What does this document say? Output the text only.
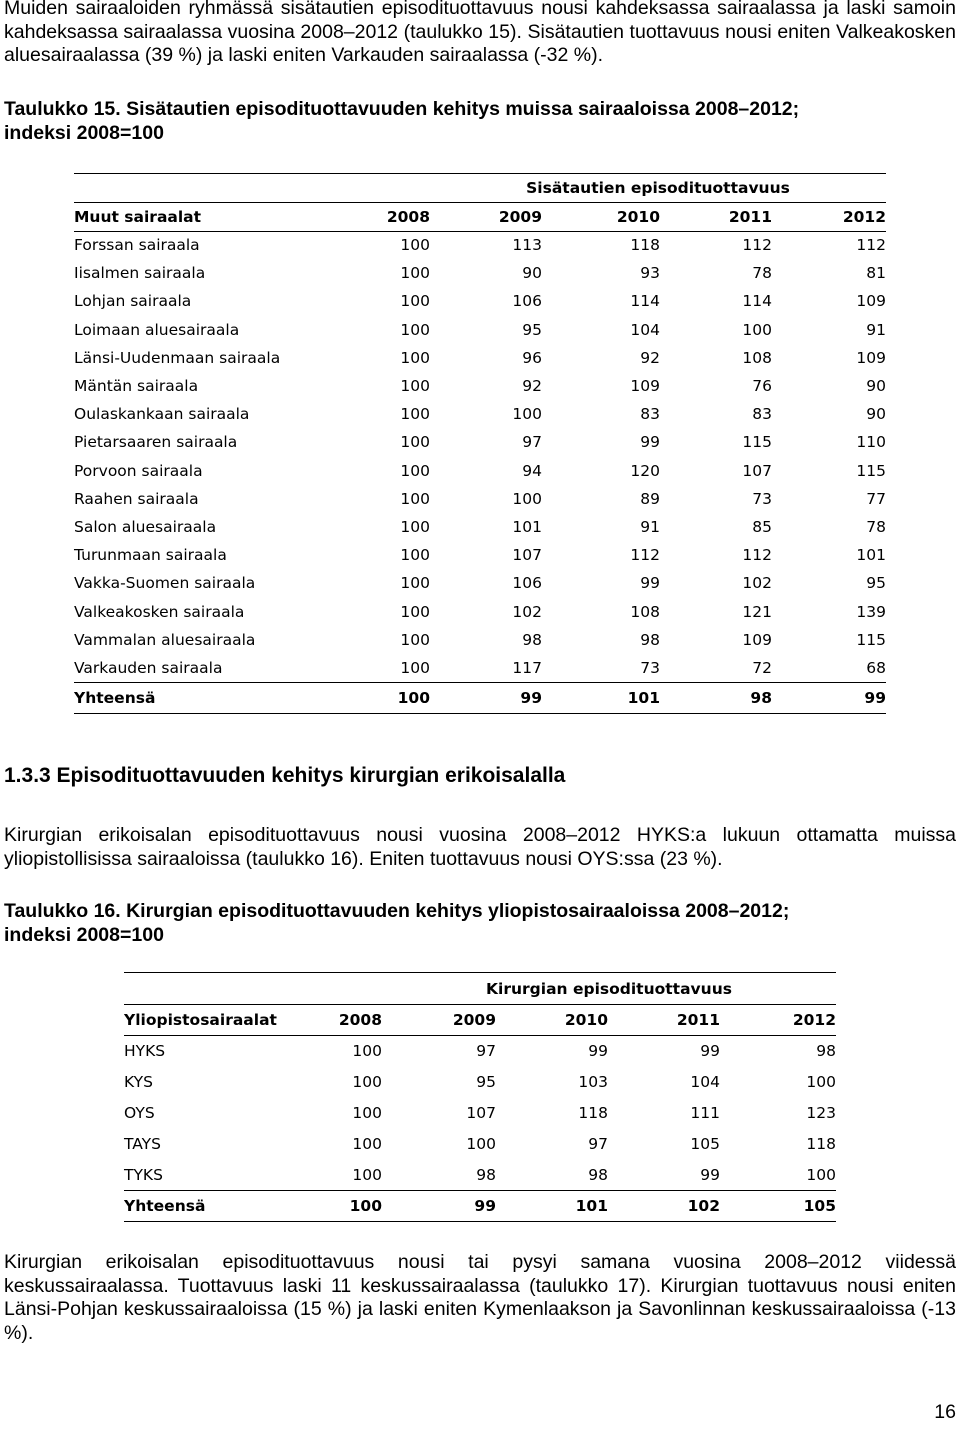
Muiden sairaaloiden ryhmässä sisätautien episodituottavuus nousi kahdeksassa sairaalassa ja laski samoin kahdeksassa sairaalassa vuosina 2008–2012 (taulukko 15). Sisätautien tuottavuus nousi eniten Valkeakosken aluesairaalassa (39 %) ja laski eniten Varkauden sairaalassa (-32 %).

Taulukko 15. Sisätautien episodituottavuuden kehitys muissa sairaaloissa 2008–2012;
indeksi 2008=100

		Sisätautien episodituottavuus			
Muut sairaalat	2008	2009	2010	2011	2012
Forssan sairaala	100	113	118	112	112
Iisalmen sairaala	100	90	93	78	81
Lohjan sairaala	100	106	114	114	109
Loimaan aluesairaala	100	95	104	100	91
Länsi-Uudenmaan sairaala	100	96	92	108	109
Mäntän sairaala	100	92	109	76	90
Oulaskankaan sairaala	100	100	83	83	90
Pietarsaaren sairaala	100	97	99	115	110
Porvoon sairaala	100	94	120	107	115
Raahen sairaala	100	100	89	73	77
Salon aluesairaala	100	101	91	85	78
Turunmaan sairaala	100	107	112	112	101
Vakka-Suomen sairaala	100	106	99	102	95
Valkeakosken sairaala	100	102	108	121	139
Vammalan aluesairaala	100	98	98	109	115
Varkauden sairaala	100	117	73	72	68
Yhteensä	100	99	101	98	99
1.3.3 Episodituottavuuden kehitys kirurgian erikoisalalla

Kirurgian erikoisalan episodituottavuus nousi vuosina 2008–2012 HYKS:a lukuun ottamatta muissa yliopistollisissa sairaaloissa (taulukko 16). Eniten tuottavuus nousi OYS:ssa (23 %).

Taulukko 16. Kirurgian episodituottavuuden kehitys yliopistosairaaloissa 2008–2012;
indeksi 2008=100

		Kirurgian episodituottavuus			
Yliopistosairaalat	2008	2009	2010	2011	2012
HYKS	100	97	99	99	98
KYS	100	95	103	104	100
OYS	100	107	118	111	123
TAYS	100	100	97	105	118
TYKS	100	98	98	99	100
Yhteensä	100	99	101	102	105

Kirurgian erikoisalan episodituottavuus nousi tai pysyi samana vuosina 2008–2012 viidessä keskussairaalassa. Tuottavuus laski 11 keskussairaalassa (taulukko 17). Kirurgian tuottavuus nousi eniten Länsi-Pohjan keskussairaaloissa (15 %) ja laski eniten Kymenlaakson ja Savonlinnan keskussairaaloissa (-13 %).

16
